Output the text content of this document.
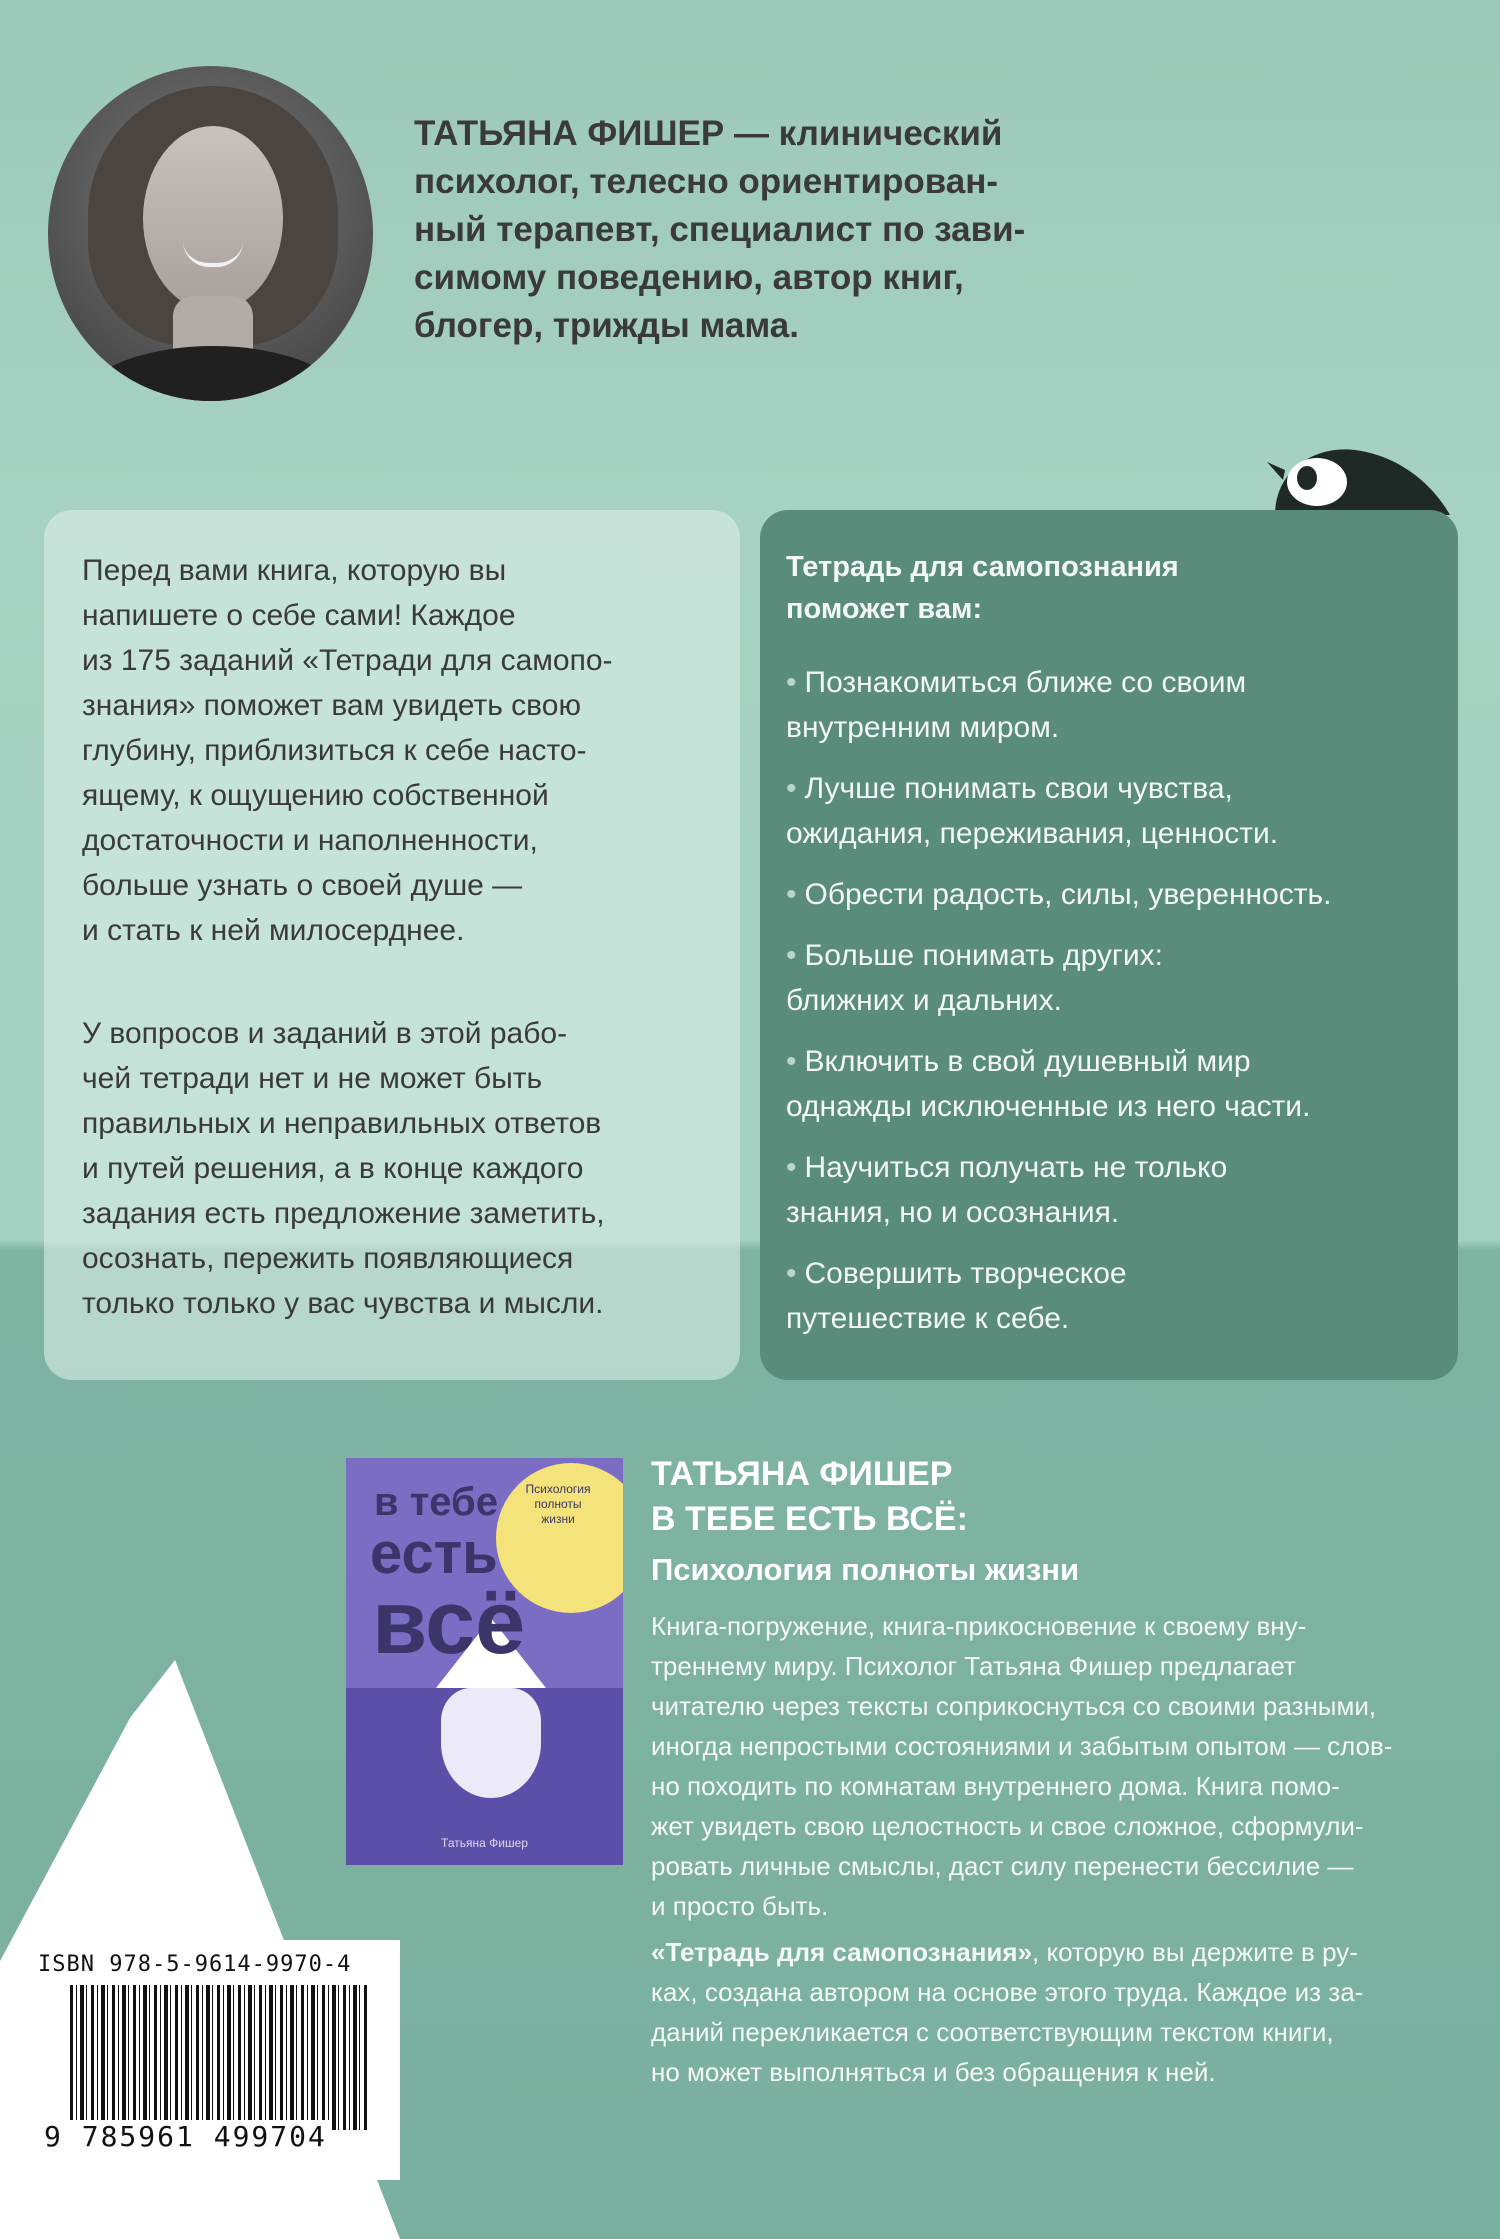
ТАТЬЯНА ФИШЕР — клинический
психолог, телесно ориентирован-
ный терапевт, специалист по зави-
симому поведению, автор книг,
блогер, трижды мама.

Перед вами книга, которую вы
напишете о себе сами! Каждое
из 175 заданий «Тетради для самопо-
знания» поможет вам увидеть свою
глубину, приблизиться к себе насто-
ящему, к ощущению собственной
достаточности и наполненности,
больше узнать о своей душе —
и стать к ней милосерднее.

У вопросов и заданий в этой рабо-
чей тетради нет и не может быть
правильных и неправильных ответов
и путей решения, а в конце каждого
задания есть предложение заметить,
осознать, пережить появляющиеся
только только у вас чувства и мысли.

Тетрадь для самопознания
поможет вам:

• Познакомиться ближе со своим
внутренним миром.
• Лучше понимать свои чувства,
ожидания, переживания, ценности.
• Обрести радость, силы, уверенность.
• Больше понимать других:
ближних и дальних.
• Включить в свой душевный мир
однажды исключенные из него части.
• Научиться получать не только
знания, но и осознания.
• Совершить творческое
путешествие к себе.
Психология
полноты
жизни
в тебе
есть
всё
Татьяна Фишер

ТАТЬЯНА ФИШЕР

В ТЕБЕ ЕСТЬ ВСЁ:

Психология полноты жизни

Книга-погружение, книга-прикосновение к своему вну-
треннему миру. Психолог Татьяна Фишер предлагает
читателю через тексты соприкоснуться со своими разными,
иногда непростыми состояниями и забытым опытом — слов-
но походить по комнатам внутреннего дома. Книга помо-
жет увидеть свою целостность и свое сложное, сформули-
ровать личные смыслы, даст силу перенести бессилие —
и просто быть.

«Тетрадь для самопознания», которую вы держите в ру-
ках, создана автором на основе этого труда. Каждое из за-
даний перекликается с соответствующим текстом книги,
но может выполняться и без обращения к ней.

ISBN 978-5-9614-9970-4

9 785961 499704
